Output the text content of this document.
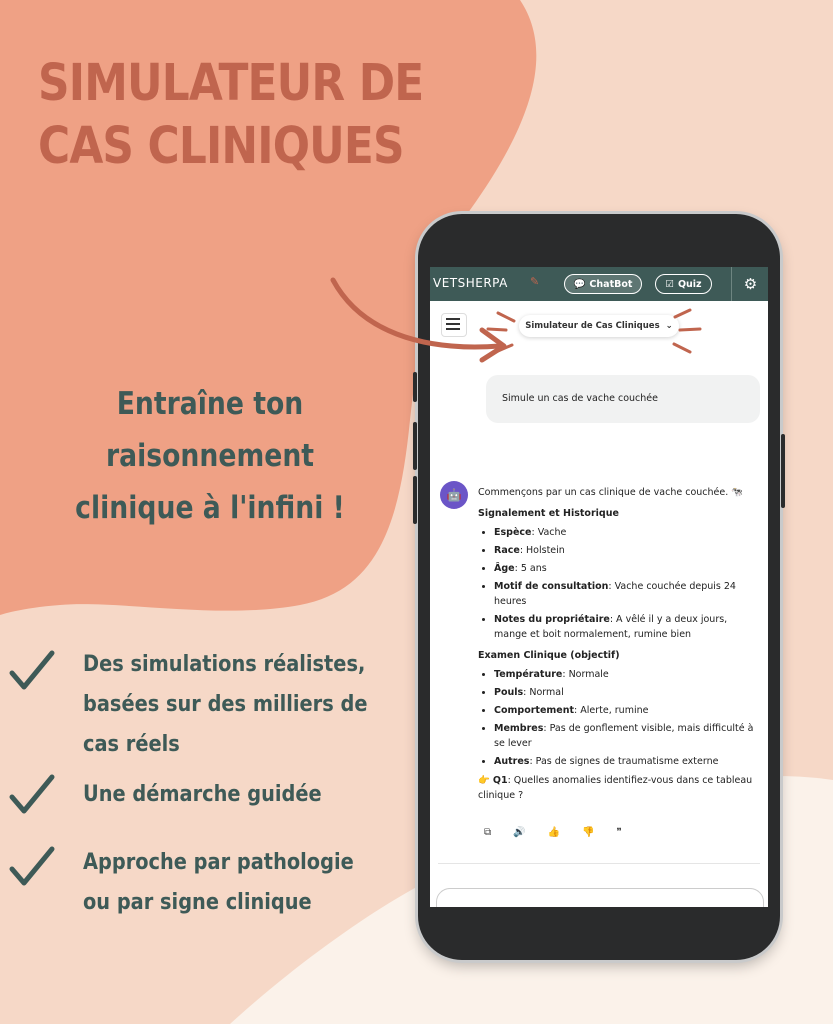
SIMULATEUR DE
CAS CLINIQUES
Entraîne ton
raisonnement
clinique à l'infini !
Des simulations réalistes,
basées sur des milliers de
cas réels
Une démarche guidée
Approche par pathologie
ou par signe clinique
VETSHERPA ✎	💬 ChatBot	☑ Quiz	⚙
Simulateur de Cas Cliniques ⌄
Simule un cas de vache couchée
🤖	Commençons par un cas clinique de vache couchée. 🐄

Signalement et Historique
• Espèce: Vache
• Race: Holstein
• Âge: 5 ans
• Motif de consultation: Vache couchée depuis 24 heures
• Notes du propriétaire: A vêlé il y a deux jours, mange et boit normalement, rumine bien
Examen Clinique (objectif)
• Température: Normale
• Pouls: Normal
• Comportement: Alerte, rumine
• Membres: Pas de gonflement visible, mais difficulté à se lever
• Autres: Pas de signes de traumatisme externe

👉 Q1: Quelles anomalies identifiez-vous dans ce tableau clinique ?

⧉ 🔊 👍 👎 ❞
